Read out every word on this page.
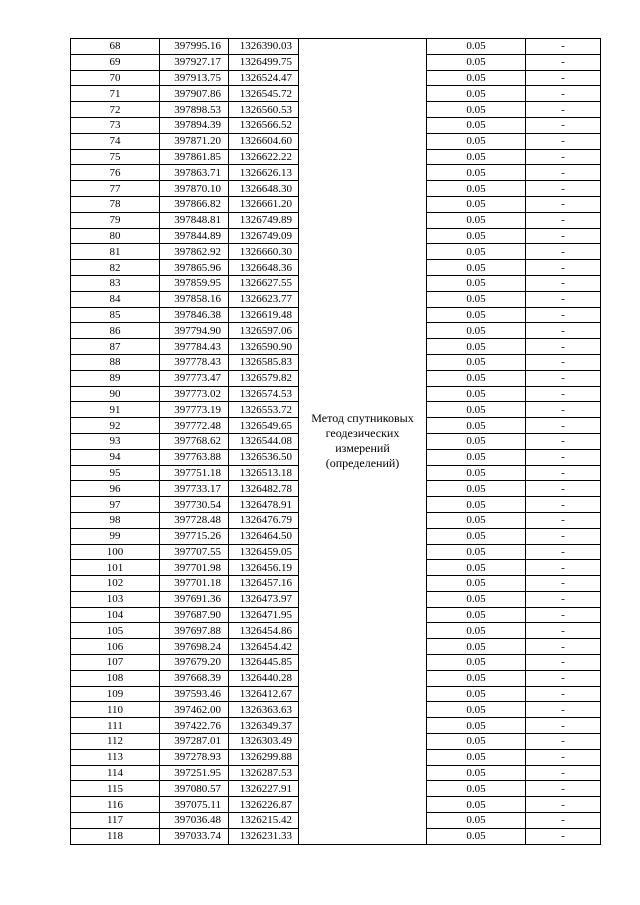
68	397995.16	1326390.03	Метод спутниковых геодезических измерений (определений)	0.05	-
69	397927.17	1326499.75		0.05	-
70	397913.75	1326524.47		0.05	-
71	397907.86	1326545.72		0.05	-
72	397898.53	1326560.53		0.05	-
73	397894.39	1326566.52		0.05	-
74	397871.20	1326604.60		0.05	-
75	397861.85	1326622.22		0.05	-
76	397863.71	1326626.13		0.05	-
77	397870.10	1326648.30		0.05	-
78	397866.82	1326661.20		0.05	-
79	397848.81	1326749.89		0.05	-
80	397844.89	1326749.09		0.05	-
81	397862.92	1326660.30		0.05	-
82	397865.96	1326648.36		0.05	-
83	397859.95	1326627.55		0.05	-
84	397858.16	1326623.77		0.05	-
85	397846.38	1326619.48		0.05	-
86	397794.90	1326597.06		0.05	-
87	397784.43	1326590.90		0.05	-
88	397778.43	1326585.83		0.05	-
89	397773.47	1326579.82		0.05	-
90	397773.02	1326574.53		0.05	-
91	397773.19	1326553.72		0.05	-
92	397772.48	1326549.65		0.05	-
93	397768.62	1326544.08		0.05	-
94	397763.88	1326536.50		0.05	-
95	397751.18	1326513.18		0.05	-
96	397733.17	1326482.78		0.05	-
97	397730.54	1326478.91		0.05	-
98	397728.48	1326476.79		0.05	-
99	397715.26	1326464.50		0.05	-
100	397707.55	1326459.05		0.05	-
101	397701.98	1326456.19		0.05	-
102	397701.18	1326457.16		0.05	-
103	397691.36	1326473.97		0.05	-
104	397687.90	1326471.95		0.05	-
105	397697.88	1326454.86		0.05	-
106	397698.24	1326454.42		0.05	-
107	397679.20	1326445.85		0.05	-
108	397668.39	1326440.28		0.05	-
109	397593.46	1326412.67		0.05	-
110	397462.00	1326363.63		0.05	-
111	397422.76	1326349.37		0.05	-
112	397287.01	1326303.49		0.05	-
113	397278.93	1326299.88		0.05	-
114	397251.95	1326287.53		0.05	-
115	397080.57	1326227.91		0.05	-
116	397075.11	1326226.87		0.05	-
117	397036.48	1326215.42		0.05	-
118	397033.74	1326231.33		0.05	-
